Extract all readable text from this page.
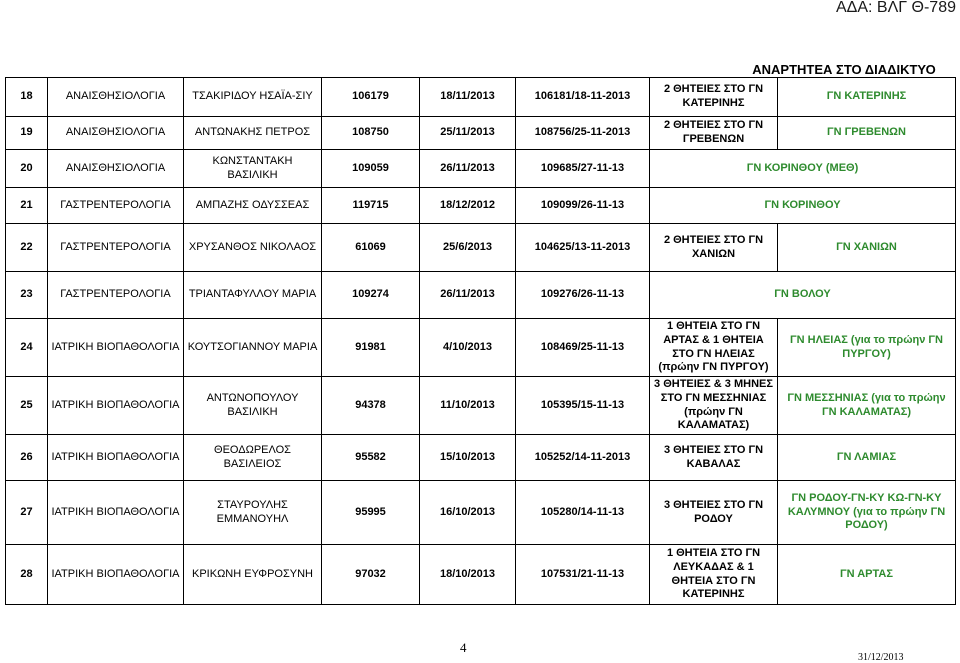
ΑΔΑ: ΒΛΓ Θ-789
ΑΝΑΡΤΗΤΕΑ ΣΤΟ ΔΙΑΔΙΚΤΥΟ
18	ΑΝΑΙΣΘΗΣΙΟΛΟΓΙΑ	ΤΣΑΚΙΡΙΔΟΥ ΗΣΑΪΑ-ΣΙΥ	106179	18/11/2013	106181/18-11-2013	2 ΘΗΤΕΙΕΣ ΣΤΟ ΓΝ ΚΑΤΕΡΙΝΗΣ	ΓΝ ΚΑΤΕΡΙΝΗΣ
19	ΑΝΑΙΣΘΗΣΙΟΛΟΓΙΑ	ΑΝΤΩΝΑΚΗΣ ΠΕΤΡΟΣ	108750	25/11/2013	108756/25-11-2013	2 ΘΗΤΕΙΕΣ ΣΤΟ ΓΝ ΓΡΕΒΕΝΩΝ	ΓΝ ΓΡΕΒΕΝΩΝ
20	ΑΝΑΙΣΘΗΣΙΟΛΟΓΙΑ	ΚΩΝΣΤΑΝΤΑΚΗ ΒΑΣΙΛΙΚΗ	109059	26/11/2013	109685/27-11-13	ΓΝ ΚΟΡΙΝΘΟΥ (ΜΕΘ)	
21	ΓΑΣΤΡΕΝΤΕΡΟΛΟΓΙΑ	ΑΜΠΑΖΗΣ ΟΔΥΣΣΕΑΣ	119715	18/12/2012	109099/26-11-13	ΓΝ ΚΟΡΙΝΘΟΥ	
22	ΓΑΣΤΡΕΝΤΕΡΟΛΟΓΙΑ	ΧΡΥΣΑΝΘΟΣ ΝΙΚΟΛΑΟΣ	61069	25/6/2013	104625/13-11-2013	2 ΘΗΤΕΙΕΣ ΣΤΟ ΓΝ ΧΑΝΙΩΝ	ΓΝ ΧΑΝΙΩΝ
23	ΓΑΣΤΡΕΝΤΕΡΟΛΟΓΙΑ	ΤΡΙΑΝΤΑΦΥΛΛΟΥ ΜΑΡΙΑ	109274	26/11/2013	109276/26-11-13	ΓΝ ΒΟΛΟΥ	
24	ΙΑΤΡΙΚΗ ΒΙΟΠΑΘΟΛΟΓΙΑ	ΚΟΥΤΣΟΓΙΑΝΝΟΥ ΜΑΡΙΑ	91981	4/10/2013	108469/25-11-13	1 ΘΗΤΕΙΑ ΣΤΟ ΓΝ ΑΡΤΑΣ & 1 ΘΗΤΕΙΑ ΣΤΟ ΓΝ ΗΛΕΙΑΣ (πρώην ΓΝ ΠΥΡΓΟΥ)	ΓΝ ΗΛΕΙΑΣ (για το πρώην ΓΝ ΠΥΡΓΟΥ)
25	ΙΑΤΡΙΚΗ ΒΙΟΠΑΘΟΛΟΓΙΑ	ΑΝΤΩΝΟΠΟΥΛΟΥ ΒΑΣΙΛΙΚΗ	94378	11/10/2013	105395/15-11-13	3 ΘΗΤΕΙΕΣ & 3 ΜΗΝΕΣ ΣΤΟ ΓΝ ΜΕΣΣΗΝΙΑΣ (πρώην ΓΝ ΚΑΛΑΜΑΤΑΣ)	ΓΝ ΜΕΣΣΗΝΙΑΣ (για το πρώην ΓΝ ΚΑΛΑΜΑΤΑΣ)
26	ΙΑΤΡΙΚΗ ΒΙΟΠΑΘΟΛΟΓΙΑ	ΘΕΟΔΩΡΕΛΟΣ ΒΑΣΙΛΕΙΟΣ	95582	15/10/2013	105252/14-11-2013	3 ΘΗΤΕΙΕΣ ΣΤΟ ΓΝ ΚΑΒΑΛΑΣ	ΓΝ ΛΑΜΙΑΣ
27	ΙΑΤΡΙΚΗ ΒΙΟΠΑΘΟΛΟΓΙΑ	ΣΤΑΥΡΟΥΛΗΣ ΕΜΜΑΝΟΥΗΛ	95995	16/10/2013	105280/14-11-13	3 ΘΗΤΕΙΕΣ ΣΤΟ ΓΝ ΡΟΔΟΥ	ΓΝ ΡΟΔΟΥ-ΓΝ-ΚΥ ΚΩ-ΓΝ-ΚΥ ΚΑΛΥΜΝΟΥ (για το πρώην ΓΝ ΡΟΔΟΥ)
28	ΙΑΤΡΙΚΗ ΒΙΟΠΑΘΟΛΟΓΙΑ	ΚΡΙΚΩΝΗ ΕΥΦΡΟΣΥΝΗ	97032	18/10/2013	107531/21-11-13	1 ΘΗΤΕΙΑ ΣΤΟ ΓΝ ΛΕΥΚΑΔΑΣ & 1 ΘΗΤΕΙΑ ΣΤΟ ΓΝ ΚΑΤΕΡΙΝΗΣ	ΓΝ ΑΡΤΑΣ
4
31/12/2013
